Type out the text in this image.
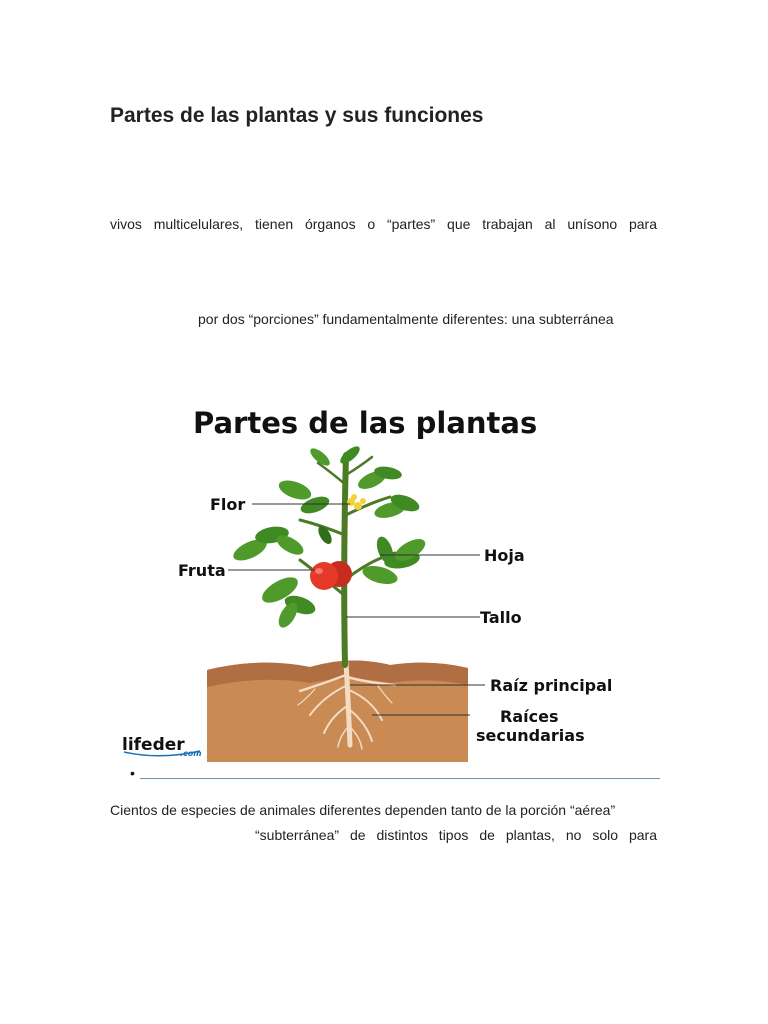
Partes de las plantas y sus funciones
vivos multicelulares, tienen órganos o “partes” que trabajan al unísono para
por dos “porciones” fundamentalmente diferentes: una subterránea
Partes de las plantas
Flor
Fruta
Hoja
Tallo
Raíz principal
Raíces
secundarias
lifeder
.com
•
Cientos de especies de animales diferentes dependen tanto de la porción “aérea”
“subterránea” de distintos tipos de plantas, no solo para
